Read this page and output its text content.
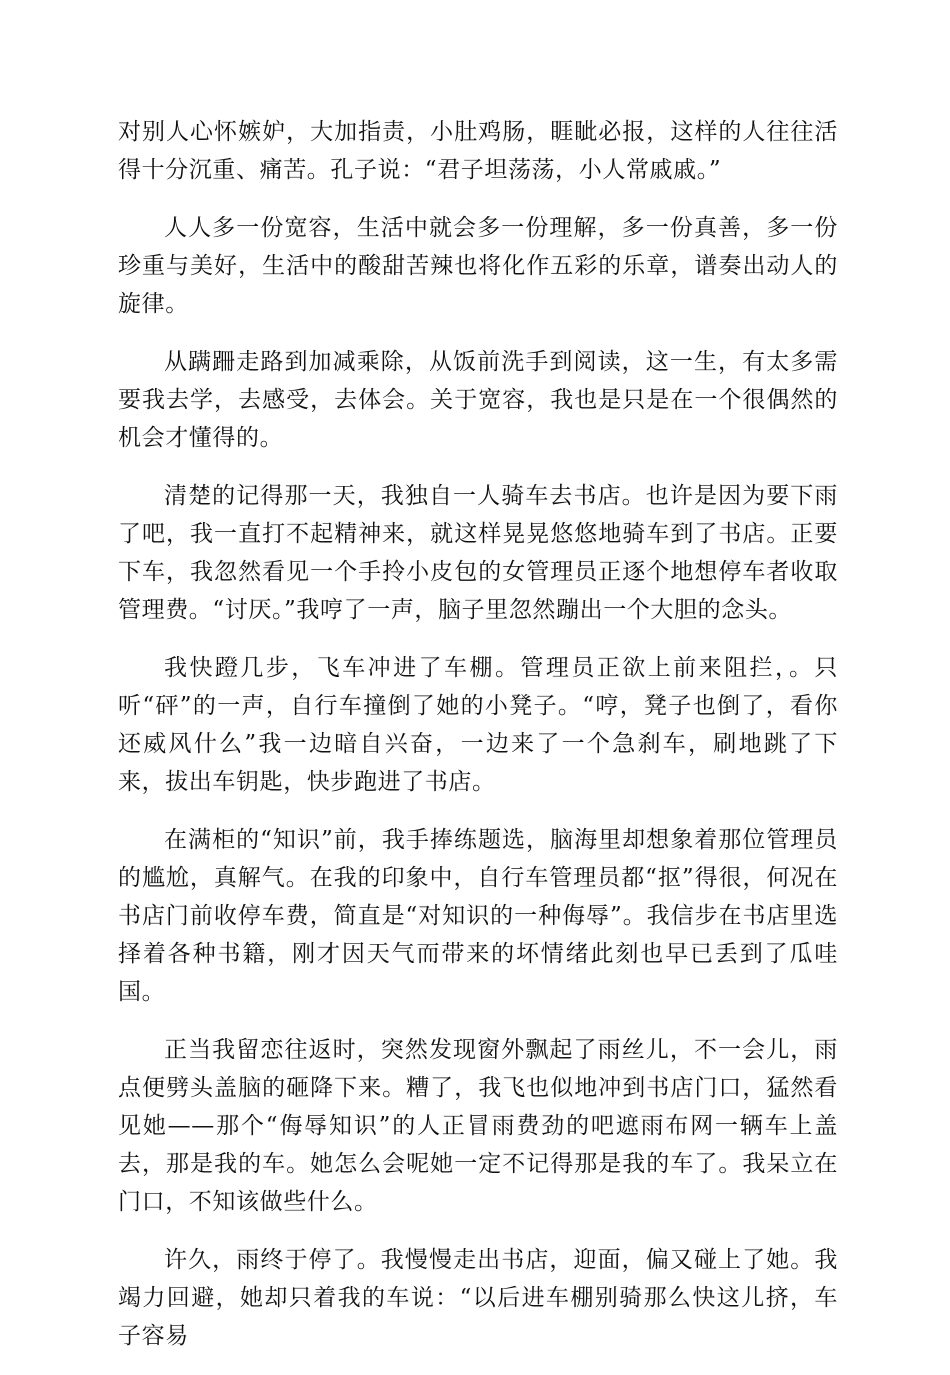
对别人心怀嫉妒，大加指责，小肚鸡肠，睚眦必报，这样的人往往活得十分沉重、痛苦。孔子说：“君子坦荡荡，小人常戚戚。”

人人多一份宽容，生活中就会多一份理解，多一份真善，多一份珍重与美好，生活中的酸甜苦辣也将化作五彩的乐章，谱奏出动人的旋律。

从蹒跚走路到加减乘除，从饭前洗手到阅读，这一生，有太多需要我去学，去感受，去体会。关于宽容，我也是只是在一个很偶然的机会才懂得的。

清楚的记得那一天，我独自一人骑车去书店。也许是因为要下雨了吧，我一直打不起精神来，就这样晃晃悠悠地骑车到了书店。正要下车，我忽然看见一个手拎小皮包的女管理员正逐个地想停车者收取管理费。“讨厌。”我哼了一声，脑子里忽然蹦出一个大胆的念头。

我快蹬几步，飞车冲进了车棚。管理员正欲上前来阻拦，。只听“砰”的一声，自行车撞倒了她的小凳子。“哼，凳子也倒了，看你还威风什么”我一边暗自兴奋，一边来了一个急刹车，刷地跳了下来，拔出车钥匙，快步跑进了书店。

在满柜的“知识”前，我手捧练题选，脑海里却想象着那位管理员的尴尬，真解气。在我的印象中，自行车管理员都“抠”得很，何况在书店门前收停车费，简直是“对知识的一种侮辱”。我信步在书店里选择着各种书籍，刚才因天气而带来的坏情绪此刻也早已丢到了瓜哇国。

正当我留恋往返时，突然发现窗外飘起了雨丝儿，不一会儿，雨点便劈头盖脑的砸降下来。糟了，我飞也似地冲到书店门口，猛然看见她——那个“侮辱知识”的人正冒雨费劲的吧遮雨布网一辆车上盖去，那是我的车。她怎么会呢她一定不记得那是我的车了。我呆立在门口，不知该做些什么。

许久，雨终于停了。我慢慢走出书店，迎面，偏又碰上了她。我竭力回避，她却只着我的车说：“以后进车棚别骑那么快这儿挤，车子容易
